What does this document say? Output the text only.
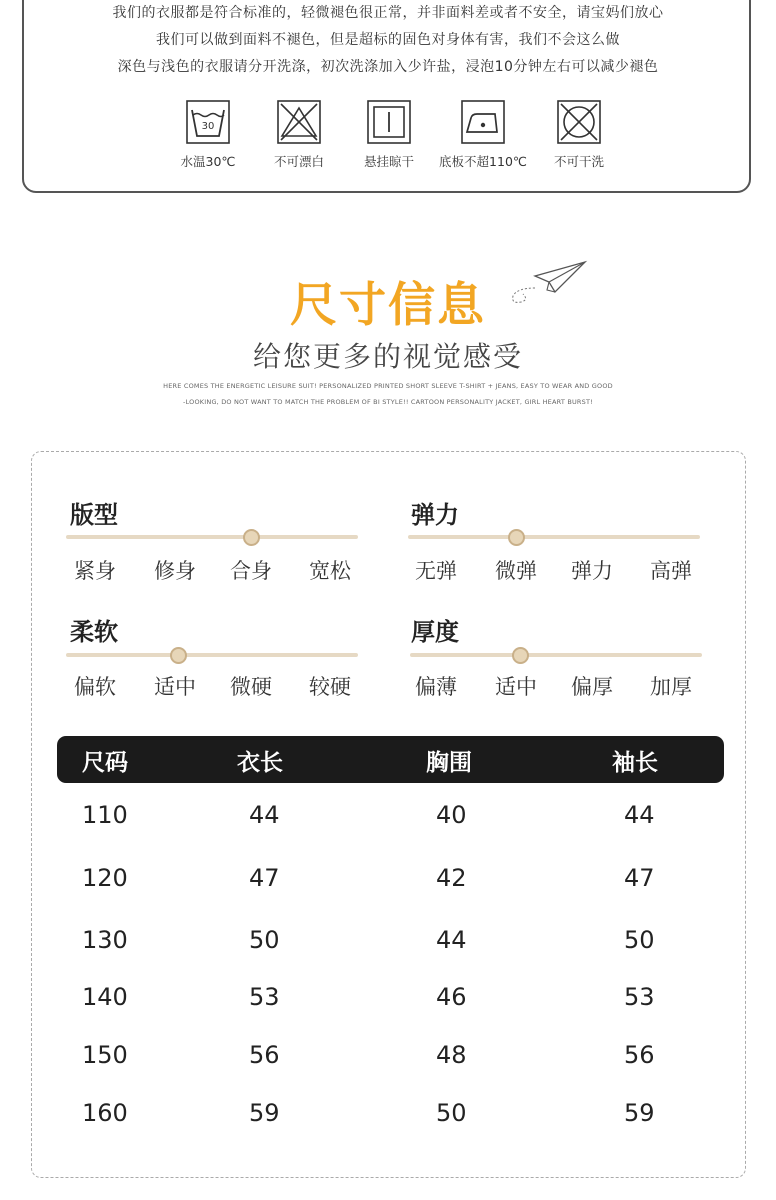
我们的衣服都是符合标准的，轻微褪色很正常，并非面料差或者不安全，请宝妈们放心
我们可以做到面料不褪色，但是超标的固色对身体有害，我们不会这么做
深色与浅色的衣服请分开洗涤，初次洗涤加入少许盐，浸泡10分钟左右可以减少褪色
30
水温30℃	不可漂白	悬挂晾干	底板不超110℃	不可干洗
尺寸信息
给您更多的视觉感受
HERE COMES THE ENERGETIC LEISURE SUIT! PERSONALIZED PRINTED SHORT SLEEVE T-SHIRT + JEANS, EASY TO WEAR AND GOOD
-LOOKING, DO NOT WANT TO MATCH THE PROBLEM OF BI STYLE!! CARTOON PERSONALITY JACKET, GIRL HEART BURST!
版型
紧身 修身 合身 宽松
弹力
无弹 微弹 弹力 高弹
柔软
偏软 适中 微硬 较硬
厚度
偏薄 适中 偏厚 加厚
尺码	衣长	胸围	袖长
110	44	40	44
120	47	42	47
130	50	44	50
140	53	46	53
150	56	48	56
160	59	50	59
